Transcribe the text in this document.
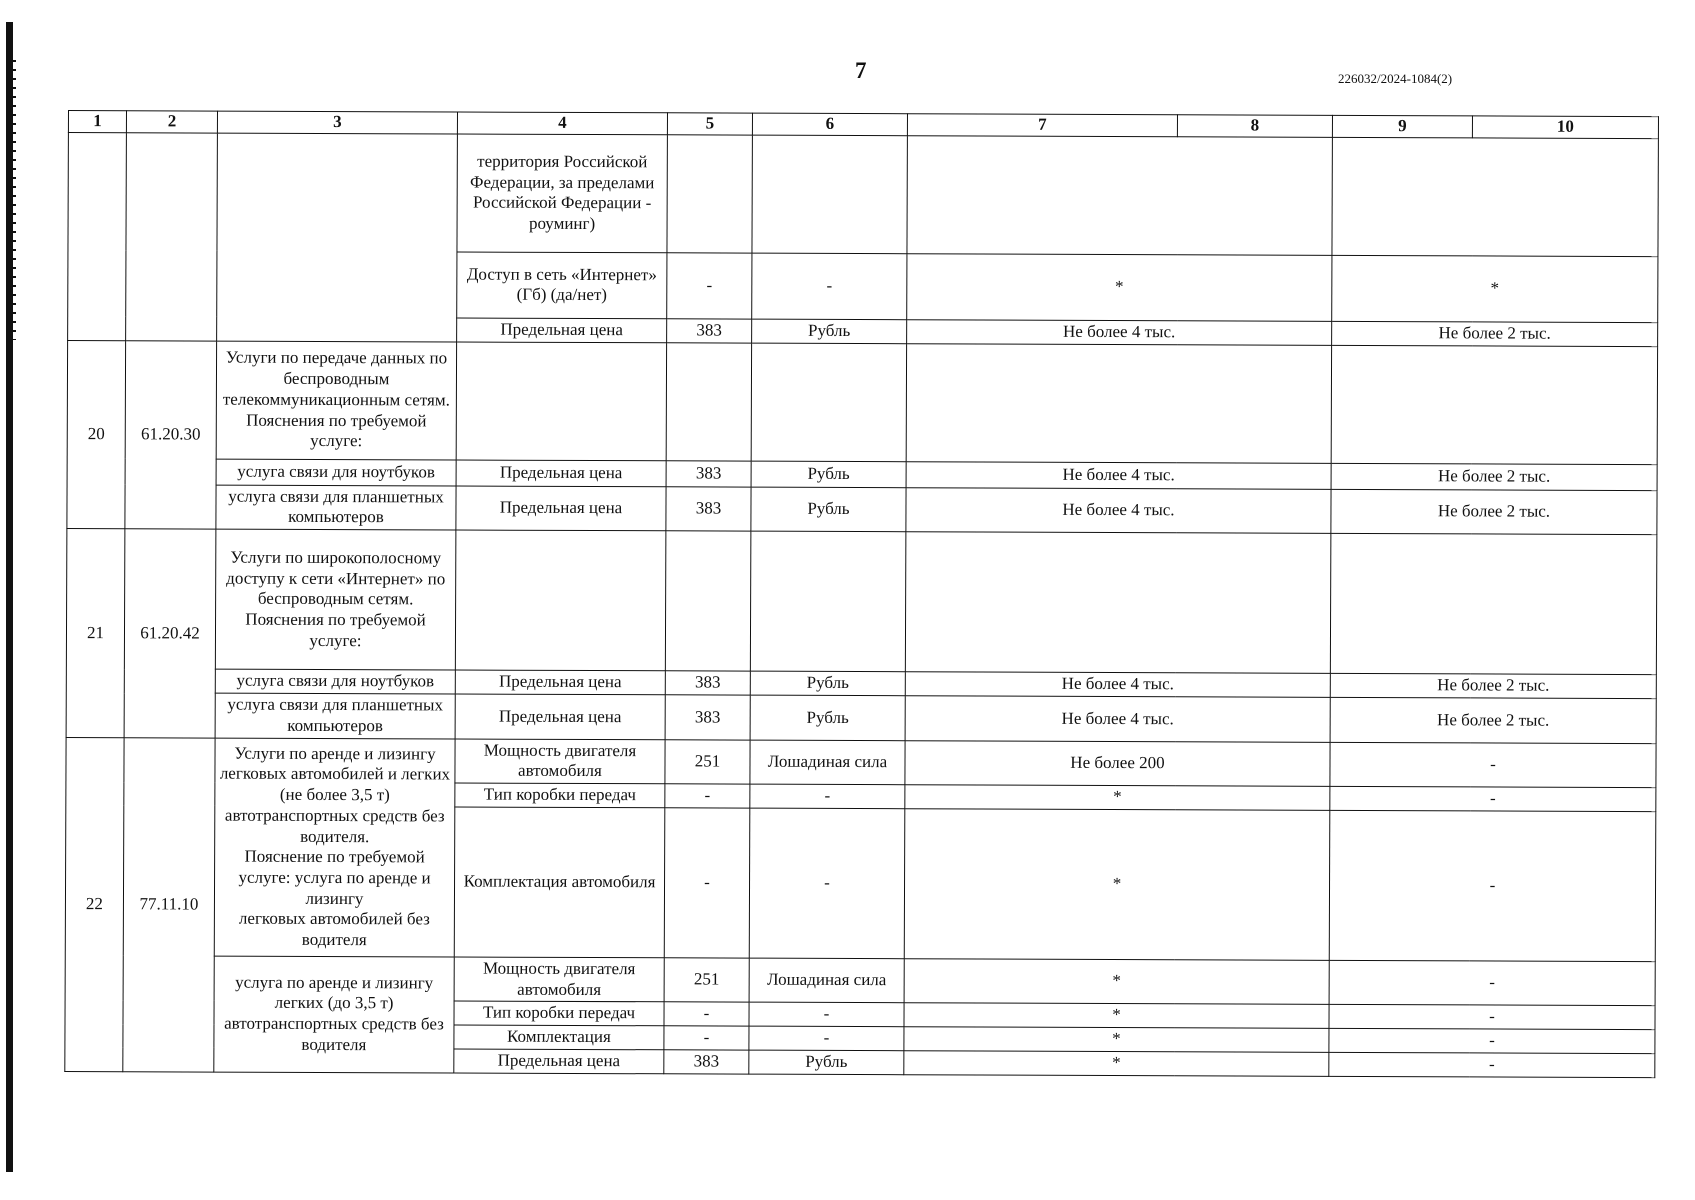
7	226032/2024-1084(2)
1	2	3	4	5	6	7	8	9	10
			территория Российской Федерации, за пределами Российской Федерации - роуминг)						
			Доступ в сеть «Интернет» (Гб) (да/нет)	-	-	*		*	
			Предельная цена	383	Рубль	Не более 4 тыс.		Не более 2 тыс.	
20	61.20.30	Услуги по передаче данных по беспроводным телекоммуникационным сетям. Пояснения по требуемой услуге:							
		услуга связи для ноутбуков	Предельная цена	383	Рубль	Не более 4 тыс.		Не более 2 тыс.	
		услуга связи для планшетных компьютеров	Предельная цена	383	Рубль	Не более 4 тыс.		Не более 2 тыс.	
21	61.20.42	Услуги по широкополосному доступу к сети «Интернет» по беспроводным сетям. Пояснения по требуемой услуге:							
		услуга связи для ноутбуков	Предельная цена	383	Рубль	Не более 4 тыс.		Не более 2 тыс.	
		услуга связи для планшетных компьютеров	Предельная цена	383	Рубль	Не более 4 тыс.		Не более 2 тыс.	
22	77.11.10	Услуги по аренде и лизингу легковых автомобилей и легких (не более 3,5 т) автотранспортных средств без водителя.
Пояснение по требуемой услуге: услуга по аренде и лизингу
легковых автомобилей без водителя	Мощность двигателя автомобиля	251	Лошадиная сила	Не более 200		-	
			Тип коробки передач	-	-	*		-	
			Комплектация автомобиля	-	-	*		-	
		услуга по аренде и лизингу легких (до 3,5 т) автотранспортных средств без водителя	Мощность двигателя автомобиля	251	Лошадиная сила	*		-	
			Тип коробки передач	-	-	*		-	
			Комплектация	-	-	*		-	
			Предельная цена	383	Рубль	*		-	
